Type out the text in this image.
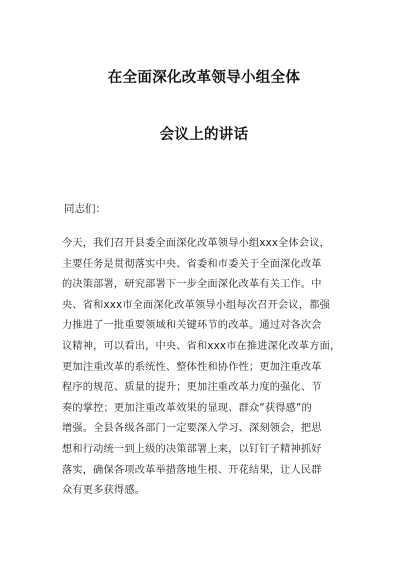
在全面深化改革领导小组全体
会议上的讲话
同志们：
今天，我们召开县委全面深化改革领导小组xxx全体会议，
主要任务是贯彻落实中央、省委和市委关于全面深化改革
的决策部署，研究部署下一步全面深化改革有关工作。中
央、省和xxx市全面深化改革领导小组每次召开会议，都强
力推进了一批重要领域和关键环节的改革。通过对各次会
议精神，可以看出，中央、省和xxx市在推进深化改革方面，
更加注重改革的系统性、整体性和协作性；更加注重改革
程序的规范、质量的提升；更加注重改革力度的强化、节
奏的掌控；更加注重改革效果的显现、群众“获得感”的
增强。全县各级各部门一定要深入学习、深刻领会，把思
想和行动统一到上级的决策部署上来，以钉钉子精神抓好
落实，确保各项改革举措落地生根、开花结果，让人民群
众有更多获得感。
